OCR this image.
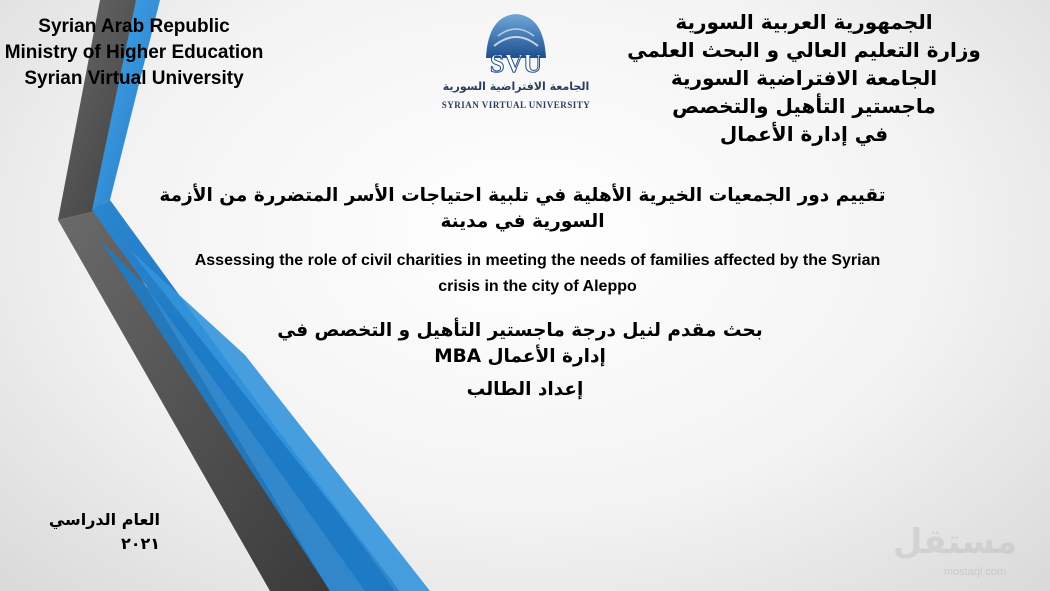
Syrian Arab Republic
Ministry of Higher Education
Syrian Virtual University
SVU
الجامعة الافتراضية السورية
SYRIAN VIRTUAL UNIVERSITY
الجمهورية العربية السورية
وزارة التعليم العالي و البحث العلمي
الجامعة الافتراضية السورية
ماجستير التأهيل والتخصص
في إدارة الأعمال
تقييم دور الجمعيات الخيرية الأهلية في تلبية احتياجات الأسر المتضررة من الأزمة السورية في مدينة
Assessing the role of civil charities in meeting the needs of families affected by the Syrian crisis in the city of Aleppo
بحث مقدم لنيل درجة ماجستير التأهيل و التخصص في
إدارة الأعمال MBA
إعداد الطالب
العام الدراسي
٢٠٢١	مستقل
mostaql.com
